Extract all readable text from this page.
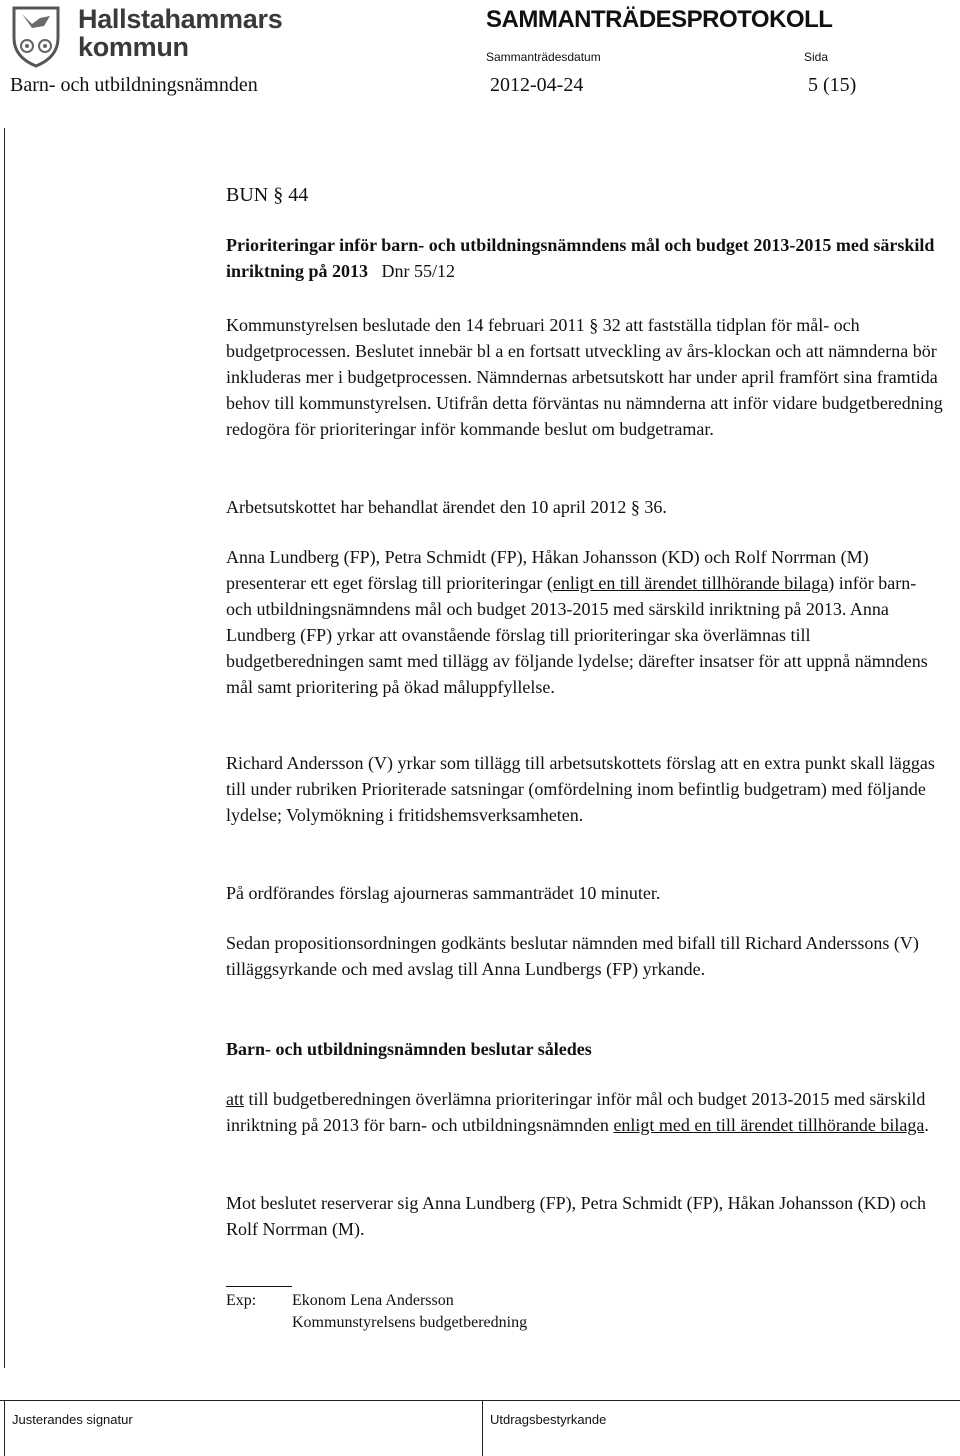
Hallstahammars
kommun
SAMMANTRÄDESPROTOKOLL
Sammanträdesdatum	Sida
Barn- och utbildningsnämnden	2012-04-24	5 (15)
BUN § 44
Prioriteringar inför barn- och utbildningsnämndens mål och budget 2013-2015 med särskild inriktning på 2013 Dnr 55/12

Kommunstyrelsen beslutade den 14 februari 2011 § 32 att fastställa tidplan för mål- och budgetprocessen. Beslutet innebär bl a en fortsatt utveckling av års-klockan och att nämnderna bör inkluderas mer i budgetprocessen. Nämndernas arbetsutskott har under april framfört sina framtida behov till kommunstyrelsen. Utifrån detta förväntas nu nämnderna att inför vidare budgetberedning redogöra för prioriteringar inför kommande beslut om budgetramar.

Arbetsutskottet har behandlat ärendet den 10 april 2012 § 36.

Anna Lundberg (FP), Petra Schmidt (FP), Håkan Johansson (KD) och Rolf Norrman (M) presenterar ett eget förslag till prioriteringar (enligt en till ärendet tillhörande bilaga) inför barn- och utbildningsnämndens mål och budget 2013-2015 med särskild inriktning på 2013. Anna Lundberg (FP) yrkar att ovanstående förslag till prioriteringar ska överlämnas till budgetberedningen samt med tillägg av följande lydelse; därefter insatser för att uppnå nämndens mål samt prioritering på ökad måluppfyllelse.

Richard Andersson (V) yrkar som tillägg till arbetsutskottets förslag att en extra punkt skall läggas till under rubriken Prioriterade satsningar (omfördelning inom befintlig budgetram) med följande lydelse; Volymökning i fritidshemsverksamheten.

På ordförandes förslag ajourneras sammanträdet 10 minuter.

Sedan propositionsordningen godkänts beslutar nämnden med bifall till Richard Anderssons (V) tilläggsyrkande och med avslag till Anna Lundbergs (FP) yrkande.

Barn- och utbildningsnämnden beslutar således

att till budgetberedningen överlämna prioriteringar inför mål och budget 2013-2015 med särskild inriktning på 2013 för barn- och utbildningsnämnden enligt med en till ärendet tillhörande bilaga.

Mot beslutet reserverar sig Anna Lundberg (FP), Petra Schmidt (FP), Håkan Johansson (KD) och Rolf Norrman (M).

Exp: Ekonom Lena Andersson
Kommunstyrelsens budgetberedning
Justerandes signatur	Utdragsbestyrkande
